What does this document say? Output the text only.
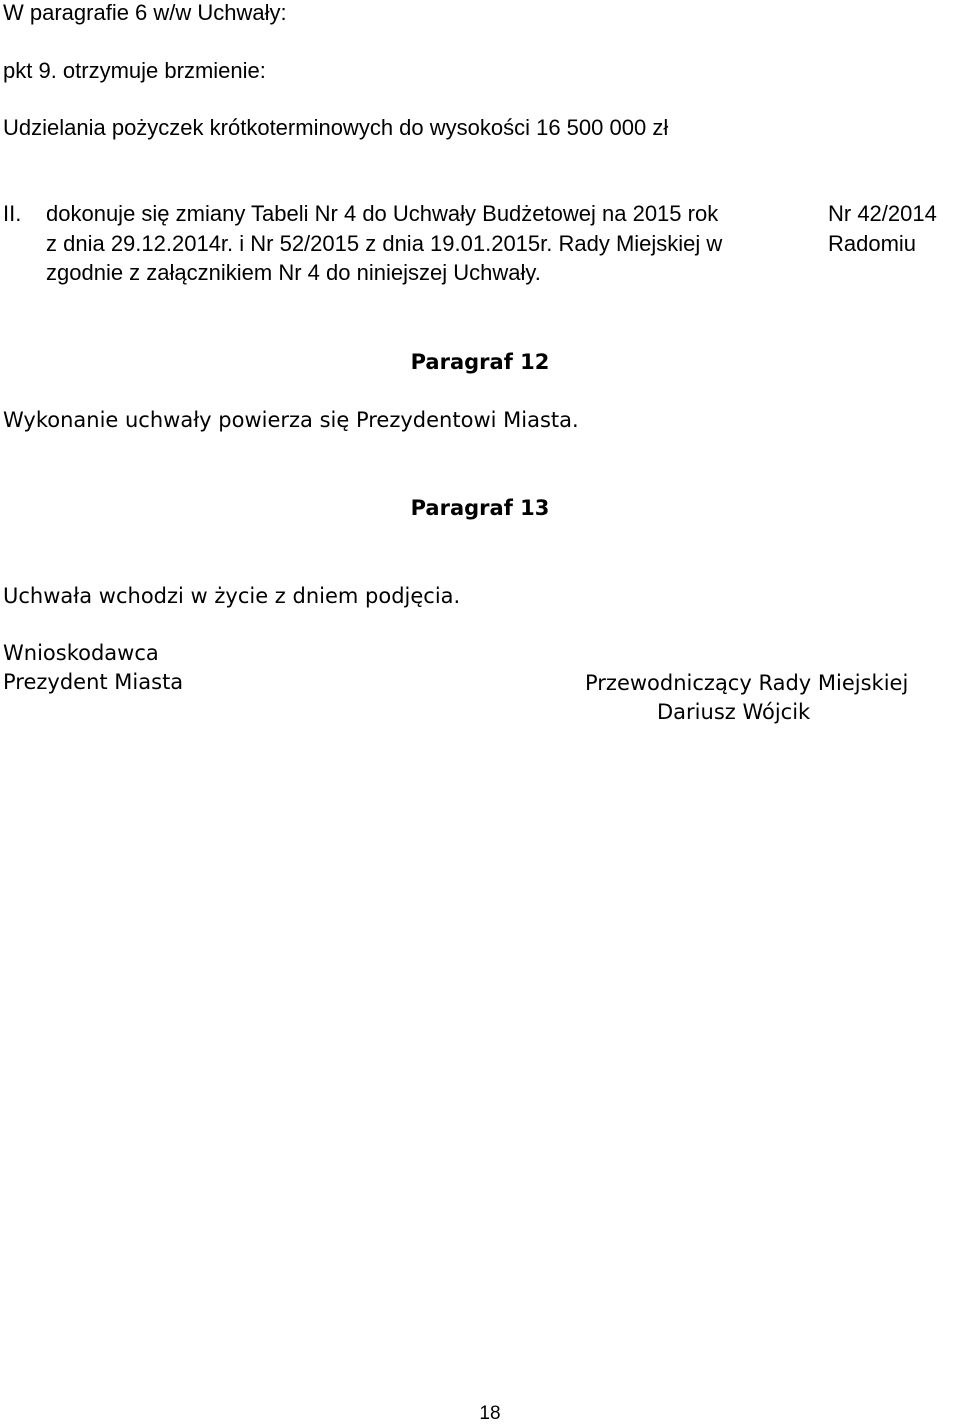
W paragrafie 6 w/w Uchwały:
pkt 9. otrzymuje brzmienie:
Udzielania pożyczek krótkoterminowych do wysokości 16 500 000 zł
II. dokonuje się zmiany Tabeli Nr 4 do Uchwały Budżetowej na 2015 rok	Nr 42/2014
z dnia 29.12.2014r. i Nr 52/2015 z dnia 19.01.2015r. Rady Miejskiej w	Radomiu
zgodnie z załącznikiem Nr 4 do niniejszej Uchwały.
Paragraf 12
Wykonanie uchwały powierza się Prezydentowi Miasta.
Paragraf 13
Uchwała wchodzi w życie z dniem podjęcia.
Wnioskodawca
Prezydent Miasta	Przewodniczący Rady Miejskiej
Dariusz Wójcik
18
